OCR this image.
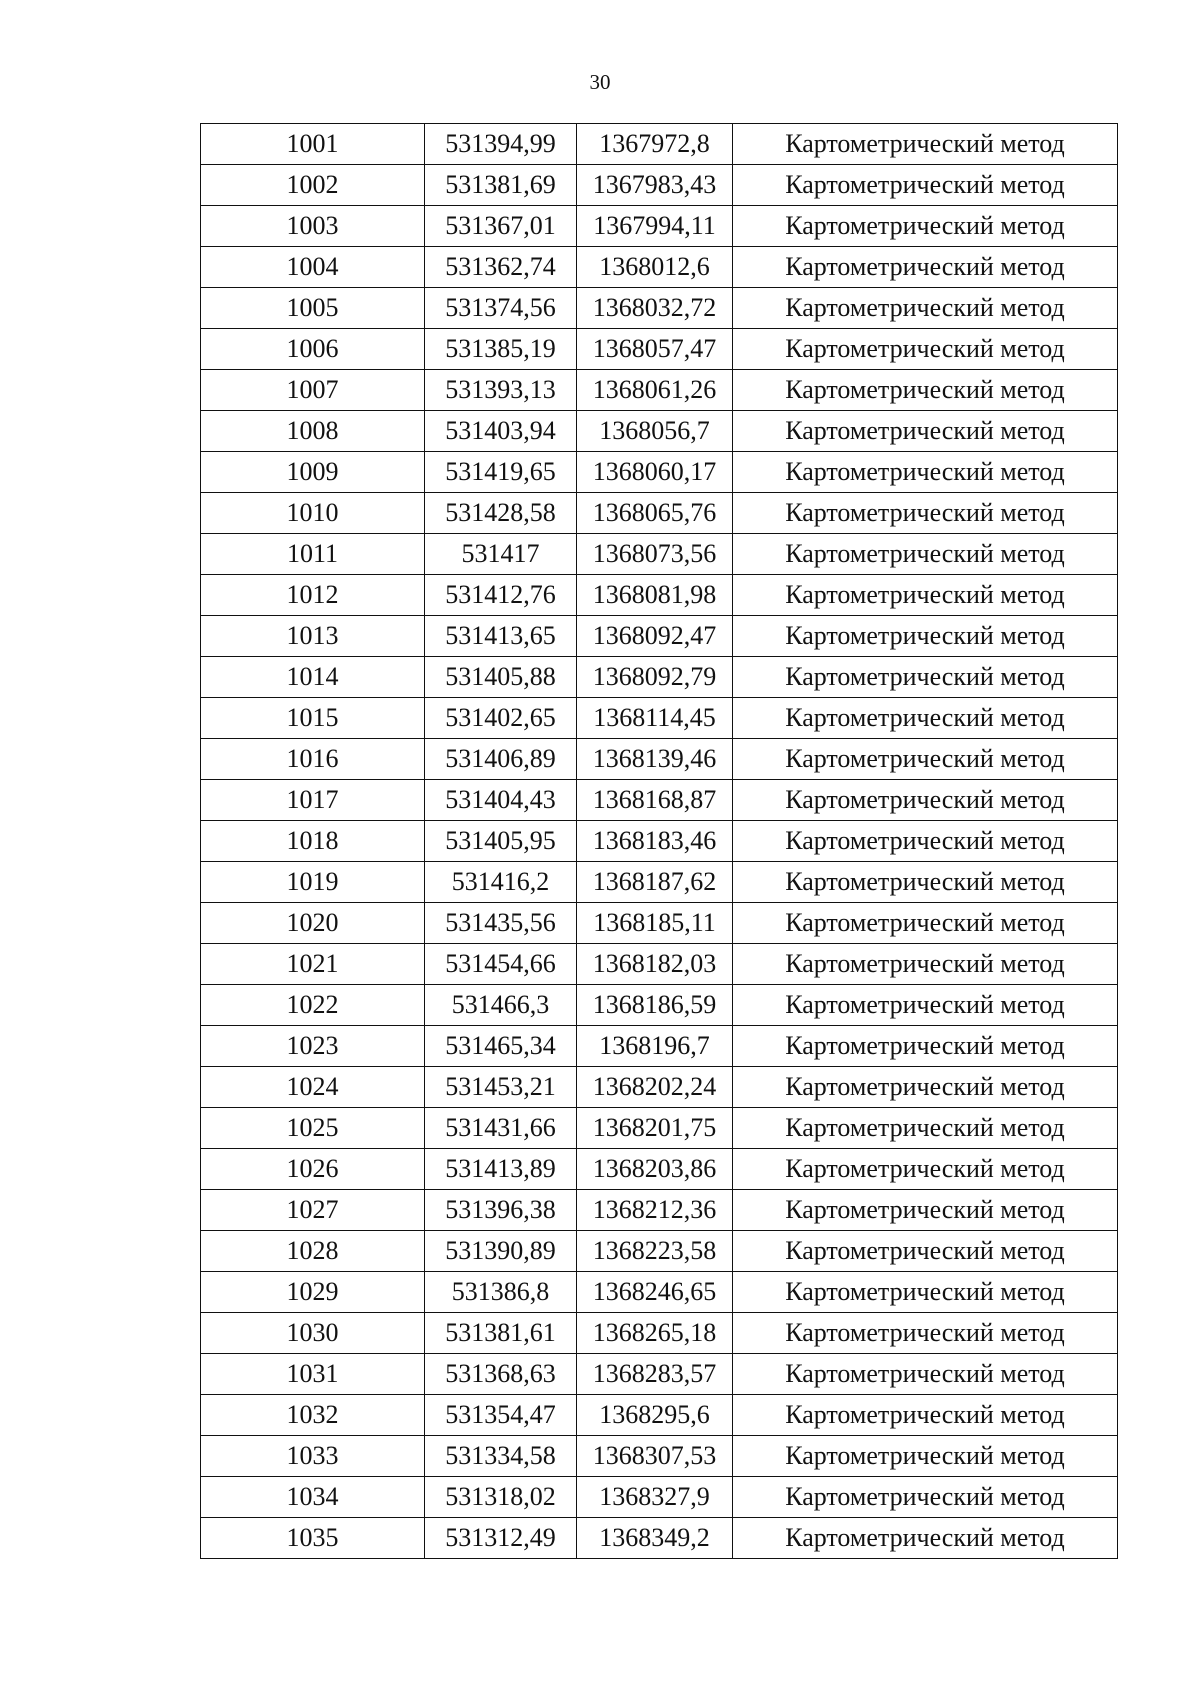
30
1001	531394,99	1367972,8	Картометрический метод
1002	531381,69	1367983,43	Картометрический метод
1003	531367,01	1367994,11	Картометрический метод
1004	531362,74	1368012,6	Картометрический метод
1005	531374,56	1368032,72	Картометрический метод
1006	531385,19	1368057,47	Картометрический метод
1007	531393,13	1368061,26	Картометрический метод
1008	531403,94	1368056,7	Картометрический метод
1009	531419,65	1368060,17	Картометрический метод
1010	531428,58	1368065,76	Картометрический метод
1011	531417	1368073,56	Картометрический метод
1012	531412,76	1368081,98	Картометрический метод
1013	531413,65	1368092,47	Картометрический метод
1014	531405,88	1368092,79	Картометрический метод
1015	531402,65	1368114,45	Картометрический метод
1016	531406,89	1368139,46	Картометрический метод
1017	531404,43	1368168,87	Картометрический метод
1018	531405,95	1368183,46	Картометрический метод
1019	531416,2	1368187,62	Картометрический метод
1020	531435,56	1368185,11	Картометрический метод
1021	531454,66	1368182,03	Картометрический метод
1022	531466,3	1368186,59	Картометрический метод
1023	531465,34	1368196,7	Картометрический метод
1024	531453,21	1368202,24	Картометрический метод
1025	531431,66	1368201,75	Картометрический метод
1026	531413,89	1368203,86	Картометрический метод
1027	531396,38	1368212,36	Картометрический метод
1028	531390,89	1368223,58	Картометрический метод
1029	531386,8	1368246,65	Картометрический метод
1030	531381,61	1368265,18	Картометрический метод
1031	531368,63	1368283,57	Картометрический метод
1032	531354,47	1368295,6	Картометрический метод
1033	531334,58	1368307,53	Картометрический метод
1034	531318,02	1368327,9	Картометрический метод
1035	531312,49	1368349,2	Картометрический метод
